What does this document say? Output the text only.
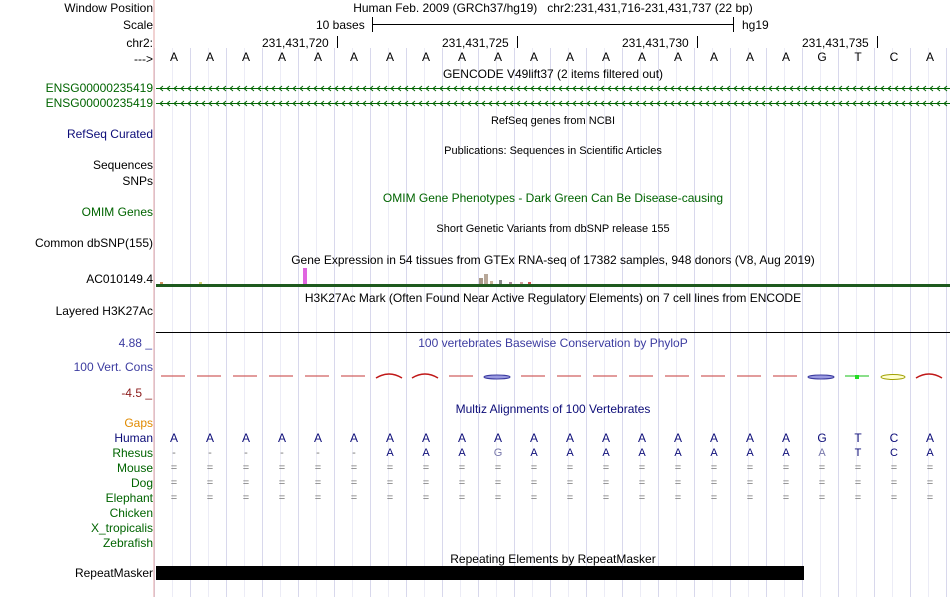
Window Position
Scale
chr2:
--->
Human Feb. 2009 (GRCh37/hg19)   chr2:231,431,716-231,431,737 (22 bp)
10 bases	hg19
231,431,720	231,431,725	231,431,730	231,431,735
A	A	A	A	A	A	A	A	A	A	A	A	A	A	A	A	A	A	G	T	C	A
GENCODE V49lift37 (2 items filtered out)
ENSG00000235419
ENSG00000235419
RefSeq Curated
RefSeq genes from NCBI
Publications: Sequences in Scientific Articles
Sequences
SNPs
OMIM Gene Phenotypes - Dark Green Can Be Disease-causing
OMIM Genes
Short Genetic Variants from dbSNP release 155
Common dbSNP(155)
Gene Expression in 54 tissues from GTEx RNA-seq of 17382 samples, 948 donors (V8, Aug 2019)
AC010149.4
H3K27Ac Mark (Often Found Near Active Regulatory Elements) on 7 cell lines from ENCODE
Layered H3K27Ac
100 vertebrates Basewise Conservation by PhyloP
4.88 _
100 Vert. Cons
-4.5 _
Multiz Alignments of 100 Vertebrates
Gaps
Human	A	A	A	A	A	A	A	A	A	A	A	A	A	A	A	A	A	A	G	T	C	A
Rhesus	-	-	-	-	-	-	A	A	A	G	A	A	A	A	A	A	A	A	A	T	C	A
Mouse	=	=	=	=	=	=	=	=	=	=	=	=	=	=	=	=	=	=	=	=	=	=
Dog	=	=	=	=	=	=	=	=	=	=	=	=	=	=	=	=	=	=	=	=	=	=
Elephant	=	=	=	=	=	=	=	=	=	=	=	=	=	=	=	=	=	=	=	=	=	=
Chicken
X_tropicalis
Zebrafish
Repeating Elements by RepeatMasker
RepeatMasker
